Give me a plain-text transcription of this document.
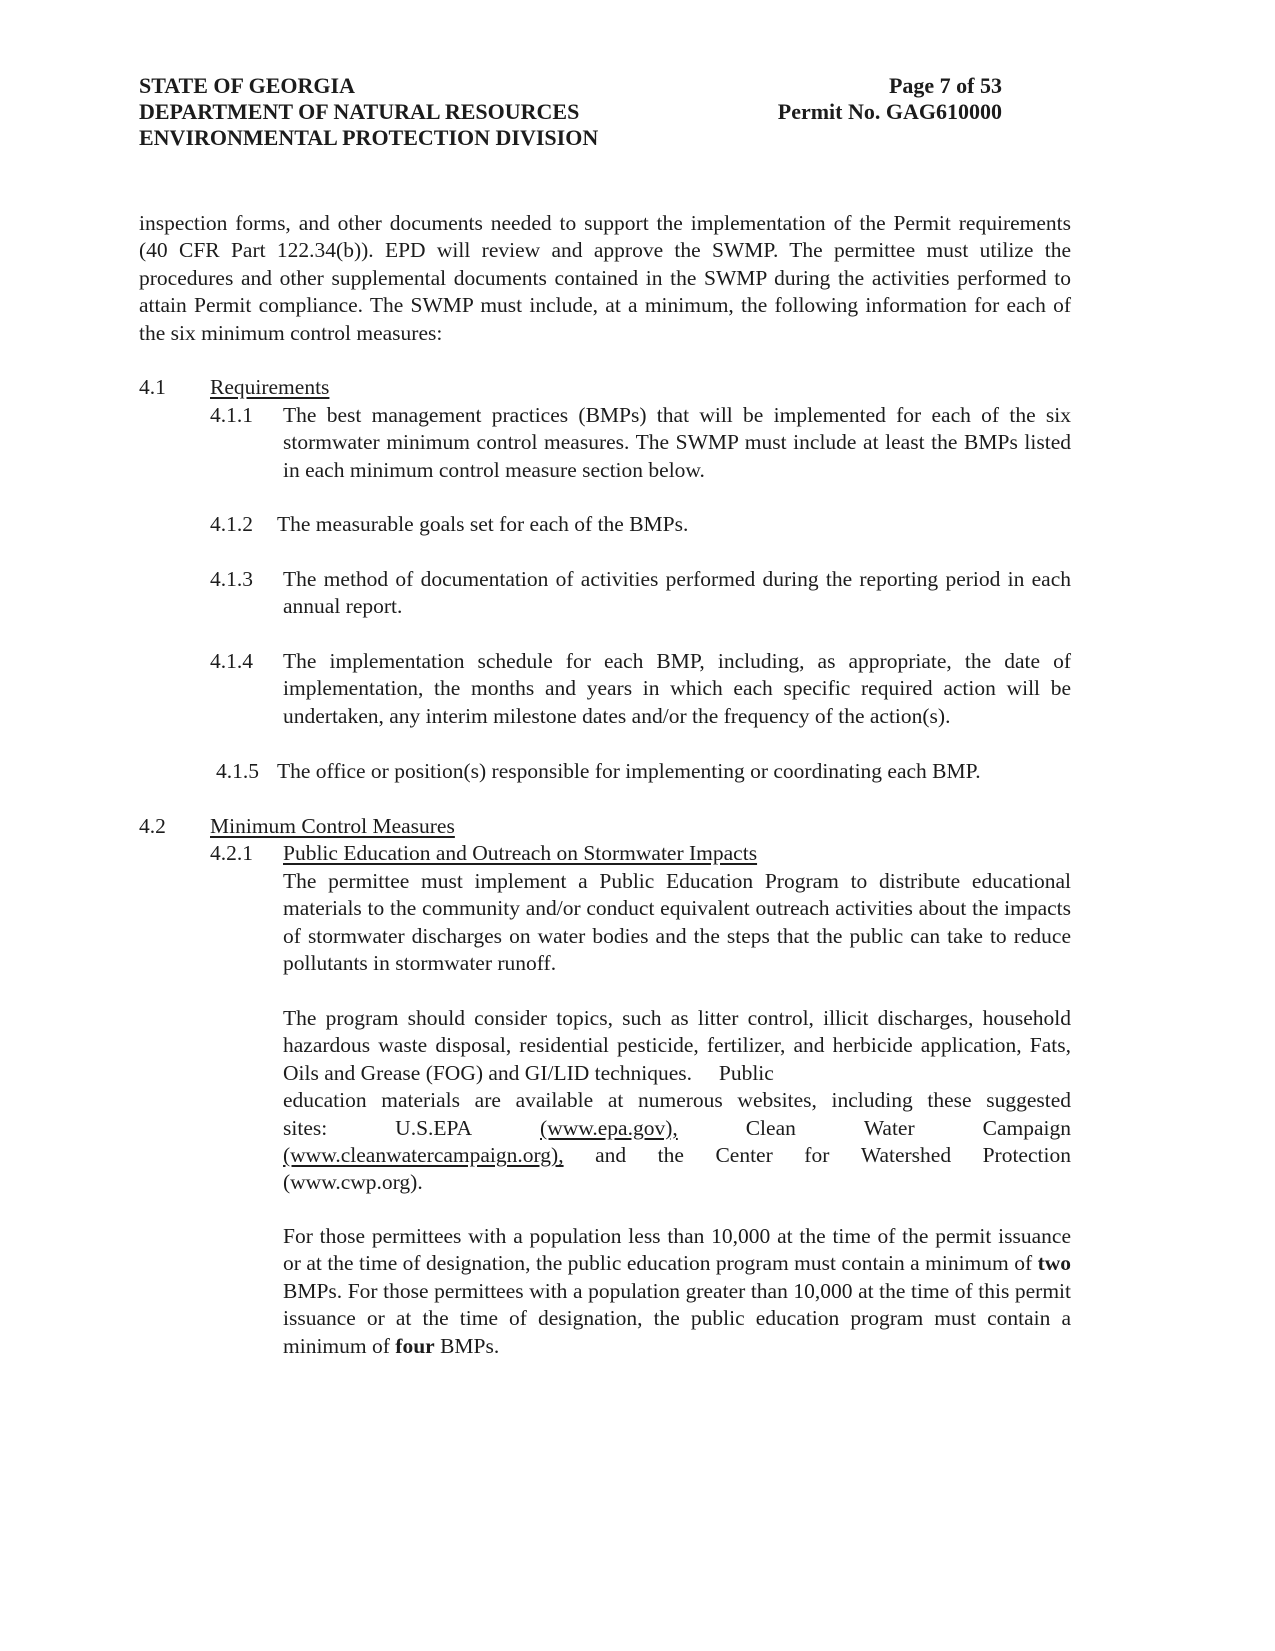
STATE OF GEORGIA
DEPARTMENT OF NATURAL RESOURCES
ENVIRONMENTAL PROTECTION DIVISION
Page 7 of 53
Permit No. GAG610000
inspection forms, and other documents needed to support the implementation of the Permit requirements (40 CFR Part 122.34(b)). EPD will review and approve the SWMP. The permittee must utilize the procedures and other supplemental documents contained in the SWMP during the activities performed to attain Permit compliance. The SWMP must include, at a minimum, the following information for each of the six minimum control measures:
4.1 Requirements
4.1.1 The best management practices (BMPs) that will be implemented for each of the six stormwater minimum control measures. The SWMP must include at least the BMPs listed in each minimum control measure section below.
4.1.2 The measurable goals set for each of the BMPs.
4.1.3 The method of documentation of activities performed during the reporting period in each annual report.
4.1.4 The implementation schedule for each BMP, including, as appropriate, the date of implementation, the months and years in which each specific required action will be undertaken, any interim milestone dates and/or the frequency of the action(s).
4.1.5 The office or position(s) responsible for implementing or coordinating each BMP.
4.2 Minimum Control Measures
4.2.1 Public Education and Outreach on Stormwater Impacts
The permittee must implement a Public Education Program to distribute educational materials to the community and/or conduct equivalent outreach activities about the impacts of stormwater discharges on water bodies and the steps that the public can take to reduce pollutants in stormwater runoff.
The program should consider topics, such as litter control, illicit discharges, household hazardous waste disposal, residential pesticide, fertilizer, and herbicide application, Fats, Oils and Grease (FOG) and GI/LID techniques. Public
education materials are available at numerous websites, including these suggested
sites:	U.S.EPA	(www.epa.gov),	Clean	Water	Campaign
(www.cleanwatercampaign.org), and the Center for Watershed Protection
(www.cwp.org).
For those permittees with a population less than 10,000 at the time of the permit issuance or at the time of designation, the public education program must contain a minimum of two BMPs. For those permittees with a population greater than 10,000 at the time of this permit issuance or at the time of designation, the public education program must contain a minimum of four BMPs.
